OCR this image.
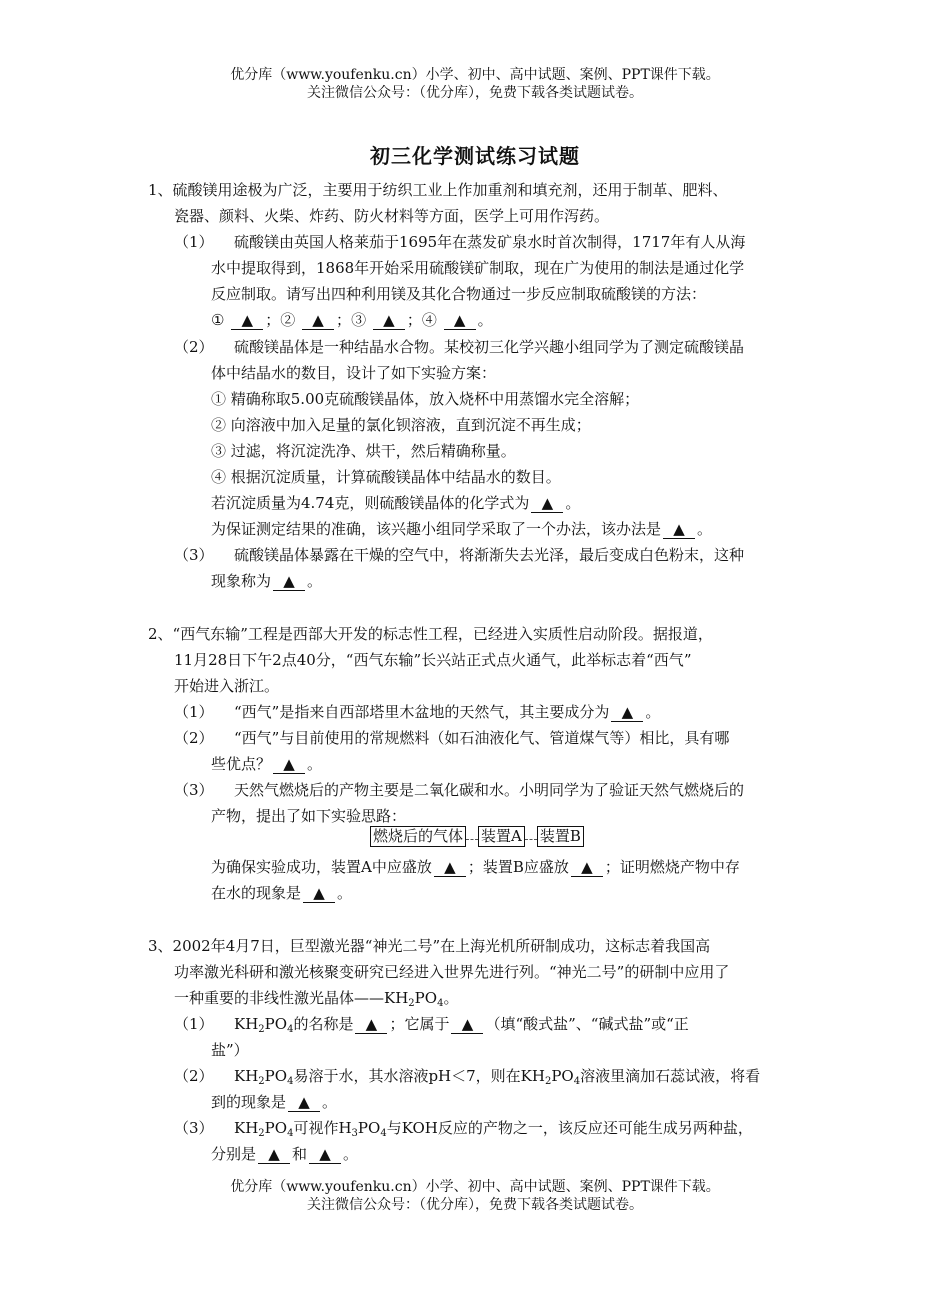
优分库（www.youfenku.cn）小学、初中、高中试题、案例、PPT课件下载。

关注微信公众号：（优分库），免费下载各类试题试卷。

初三化学测试练习试题
1、硫酸镁用途极为广泛，主要用于纺织工业上作加重剂和填充剂，还用于制革、肥料、
瓷器、颜料、火柴、炸药、防火材料等方面，医学上可用作泻药。
（1） 硫酸镁由英国人格莱茄于1695年在蒸发矿泉水时首次制得，1717年有人从海
水中提取得到，1868年开始采用硫酸镁矿制取，现在广为使用的制法是通过化学
反应制取。请写出四种利用镁及其化合物通过一步反应制取硫酸镁的方法：
① ▲ ；② ▲ ；③ ▲ ；④ ▲ 。
（2） 硫酸镁晶体是一种结晶水合物。某校初三化学兴趣小组同学为了测定硫酸镁晶
体中结晶水的数目，设计了如下实验方案：
① 精确称取5.00克硫酸镁晶体，放入烧杯中用蒸馏水完全溶解；
② 向溶液中加入足量的氯化钡溶液，直到沉淀不再生成；
③ 过滤，将沉淀洗净、烘干，然后精确称量。
④ 根据沉淀质量，计算硫酸镁晶体中结晶水的数目。
若沉淀质量为4.74克，则硫酸镁晶体的化学式为 ▲ 。
为保证测定结果的准确，该兴趣小组同学采取了一个办法，该办法是 ▲ 。
（3） 硫酸镁晶体暴露在干燥的空气中，将渐渐失去光泽，最后变成白色粉末，这种
现象称为 ▲ 。
2、“西气东输”工程是西部大开发的标志性工程，已经进入实质性启动阶段。据报道，
11月28日下午2点40分，“西气东输”长兴站正式点火通气，此举标志着“西气”
开始进入浙江。
（1） “西气”是指来自西部塔里木盆地的天然气，其主要成分为 ▲ 。
（2） “西气”与目前使用的常规燃料（如石油液化气、管道煤气等）相比，具有哪
些优点？ ▲ 。
（3） 天然气燃烧后的产物主要是二氧化碳和水。小明同学为了验证天然气燃烧后的
产物，提出了如下实验思路：
燃烧后的气体 装置A 装置B
为确保实验成功，装置A中应盛放 ▲ ；装置B应盛放 ▲ ；证明燃烧产物中存
在水的现象是 ▲ 。
3、2002年4月7日，巨型激光器“神光二号”在上海光机所研制成功，这标志着我国高
功率激光科研和激光核聚变研究已经进入世界先进行列。“神光二号”的研制中应用了
一种重要的非线性激光晶体$——KH_2PO_4$。
（1） $KH_2PO_4$的名称是 ▲ ；它属于 ▲ （填“酸式盐”、“碱式盐”或“正
盐”）
（2） $KH_2PO_4$易溶于水，其水溶液pH＜7，则在$KH_2PO_4$溶液里滴加石蕊试液，将看
到的现象是 ▲ 。
（3） $KH_2PO_4$可视作$H_3PO_4$与KOH反应的产物之一，该反应还可能生成另两种盐，
分别是 ▲ 和 ▲ 。

优分库（www.youfenku.cn）小学、初中、高中试题、案例、PPT课件下载。

关注微信公众号：（优分库），免费下载各类试题试卷。
